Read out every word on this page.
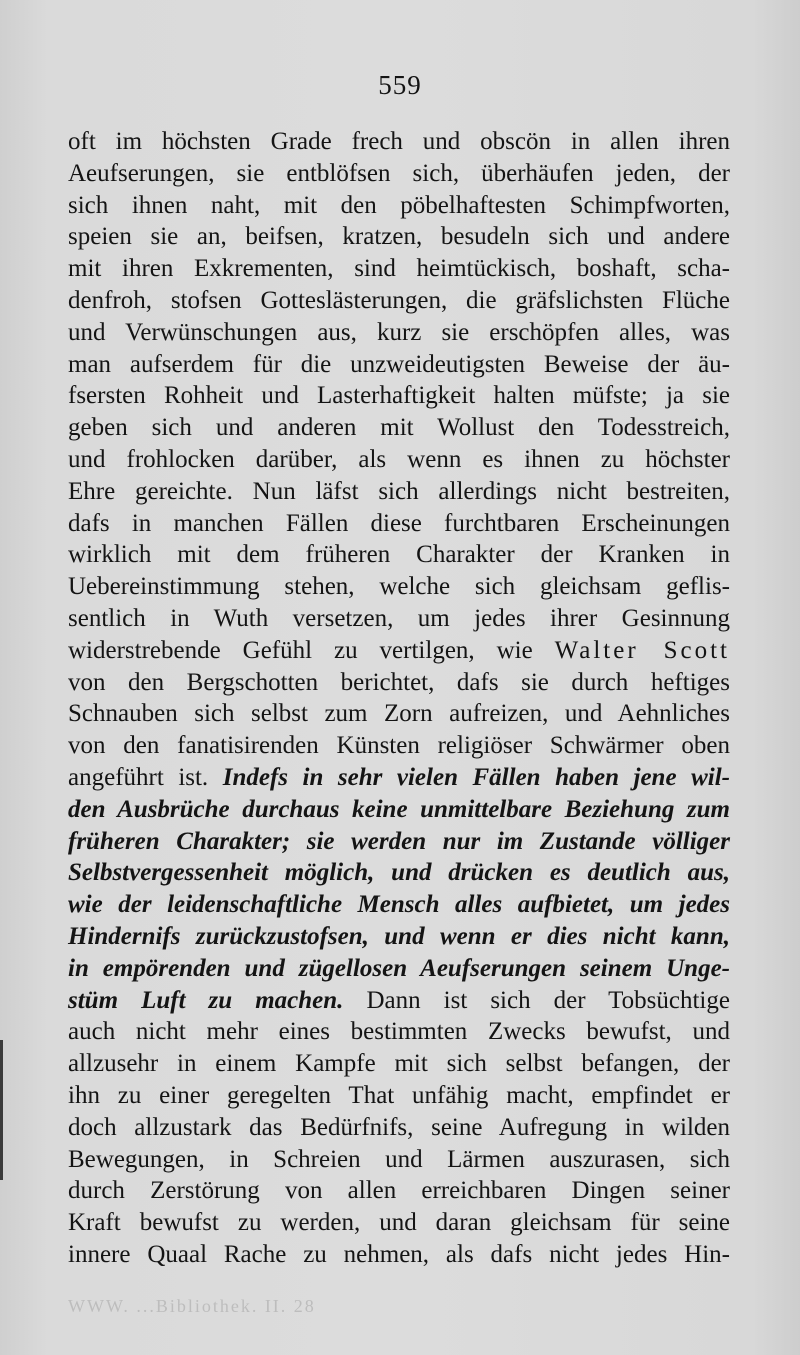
559
oft im höchsten Grade frech und obscön in allen ihren
Aeufserungen, sie entblöfsen sich, überhäufen jeden, der
sich ihnen naht, mit den pöbelhaftesten Schimpfworten,
speien sie an, beifsen, kratzen, besudeln sich und andere
mit ihren Exkrementen, sind heimtückisch, boshaft, scha-
denfroh, stofsen Gotteslästerungen, die gräfslichsten Flüche
und Verwünschungen aus, kurz sie erschöpfen alles, was
man aufserdem für die unzweideutigsten Beweise der äu-
fsersten Rohheit und Lasterhaftigkeit halten müfste; ja sie
geben sich und anderen mit Wollust den Todesstreich,
und frohlocken darüber, als wenn es ihnen zu höchster
Ehre gereichte. Nun läfst sich allerdings nicht bestreiten,
dafs in manchen Fällen diese furchtbaren Erscheinungen
wirklich mit dem früheren Charakter der Kranken in
Uebereinstimmung stehen, welche sich gleichsam geflis-
sentlich in Wuth versetzen, um jedes ihrer Gesinnung
widerstrebende Gefühl zu vertilgen, wie Walter Scott
von den Bergschotten berichtet, dafs sie durch heftiges
Schnauben sich selbst zum Zorn aufreizen, und Aehnliches
von den fanatisirenden Künsten religiöser Schwärmer oben
angeführt ist. Indefs in sehr vielen Fällen haben jene wil-
den Ausbrüche durchaus keine unmittelbare Beziehung zum
früheren Charakter; sie werden nur im Zustande völliger
Selbstvergessenheit möglich, und drücken es deutlich aus,
wie der leidenschaftliche Mensch alles aufbietet, um jedes
Hindernifs zurückzustofsen, und wenn er dies nicht kann,
in empörenden und zügellosen Aeufserungen seinem Unge-
stüm Luft zu machen. Dann ist sich der Tobsüchtige
auch nicht mehr eines bestimmten Zwecks bewufst, und
allzusehr in einem Kampfe mit sich selbst befangen, der
ihn zu einer geregelten That unfähig macht, empfindet er
doch allzustark das Bedürfnifs, seine Aufregung in wilden
Bewegungen, in Schreien und Lärmen auszurasen, sich
durch Zerstörung von allen erreichbaren Dingen seiner
Kraft bewufst zu werden, und daran gleichsam für seine
innere Quaal Rache zu nehmen, als dafs nicht jedes Hin-
WWW. ...Bibliothek. II. 28
